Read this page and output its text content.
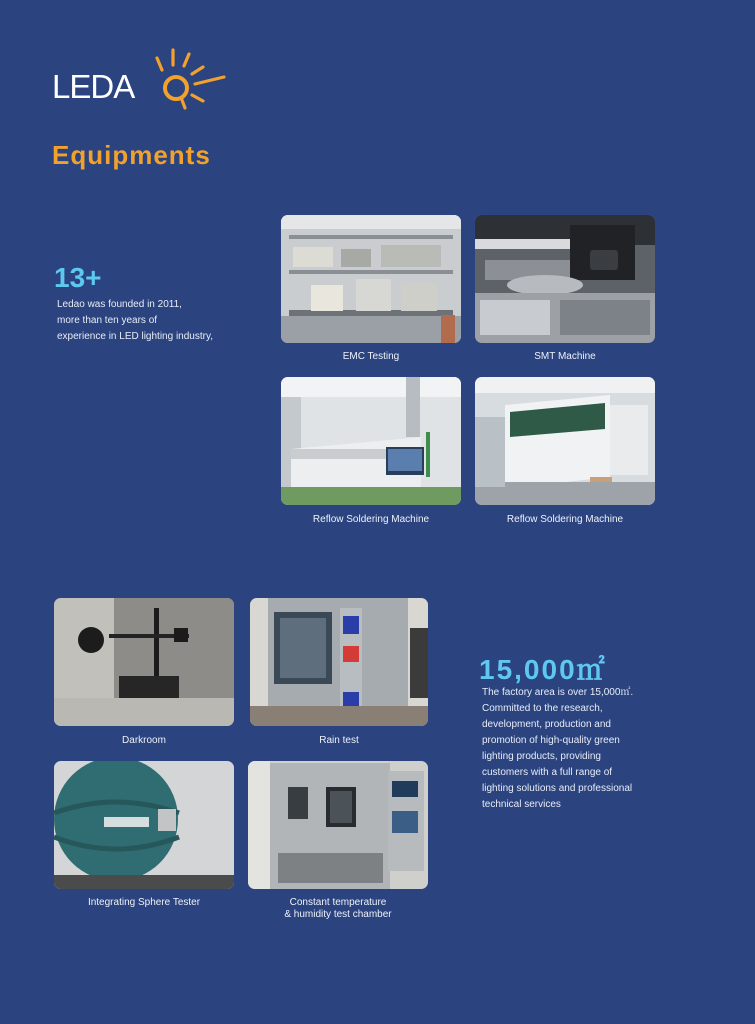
LEDA
Equipments
13+
Ledao was founded in 2011,
more than ten years of
experience in LED lighting industry,
EMC Testing	SMT Machine
Reflow Soldering Machine	Reflow Soldering Machine
Darkroom	Rain test
Integrating Sphere Tester	Constant temperature
& humidity test chamber
15,000㎡
The factory area is over 15,000㎡.
Committed to the research,
development, production and
promotion of high-quality green
lighting products, providing
customers with a full range of
lighting solutions and professional
technical services
